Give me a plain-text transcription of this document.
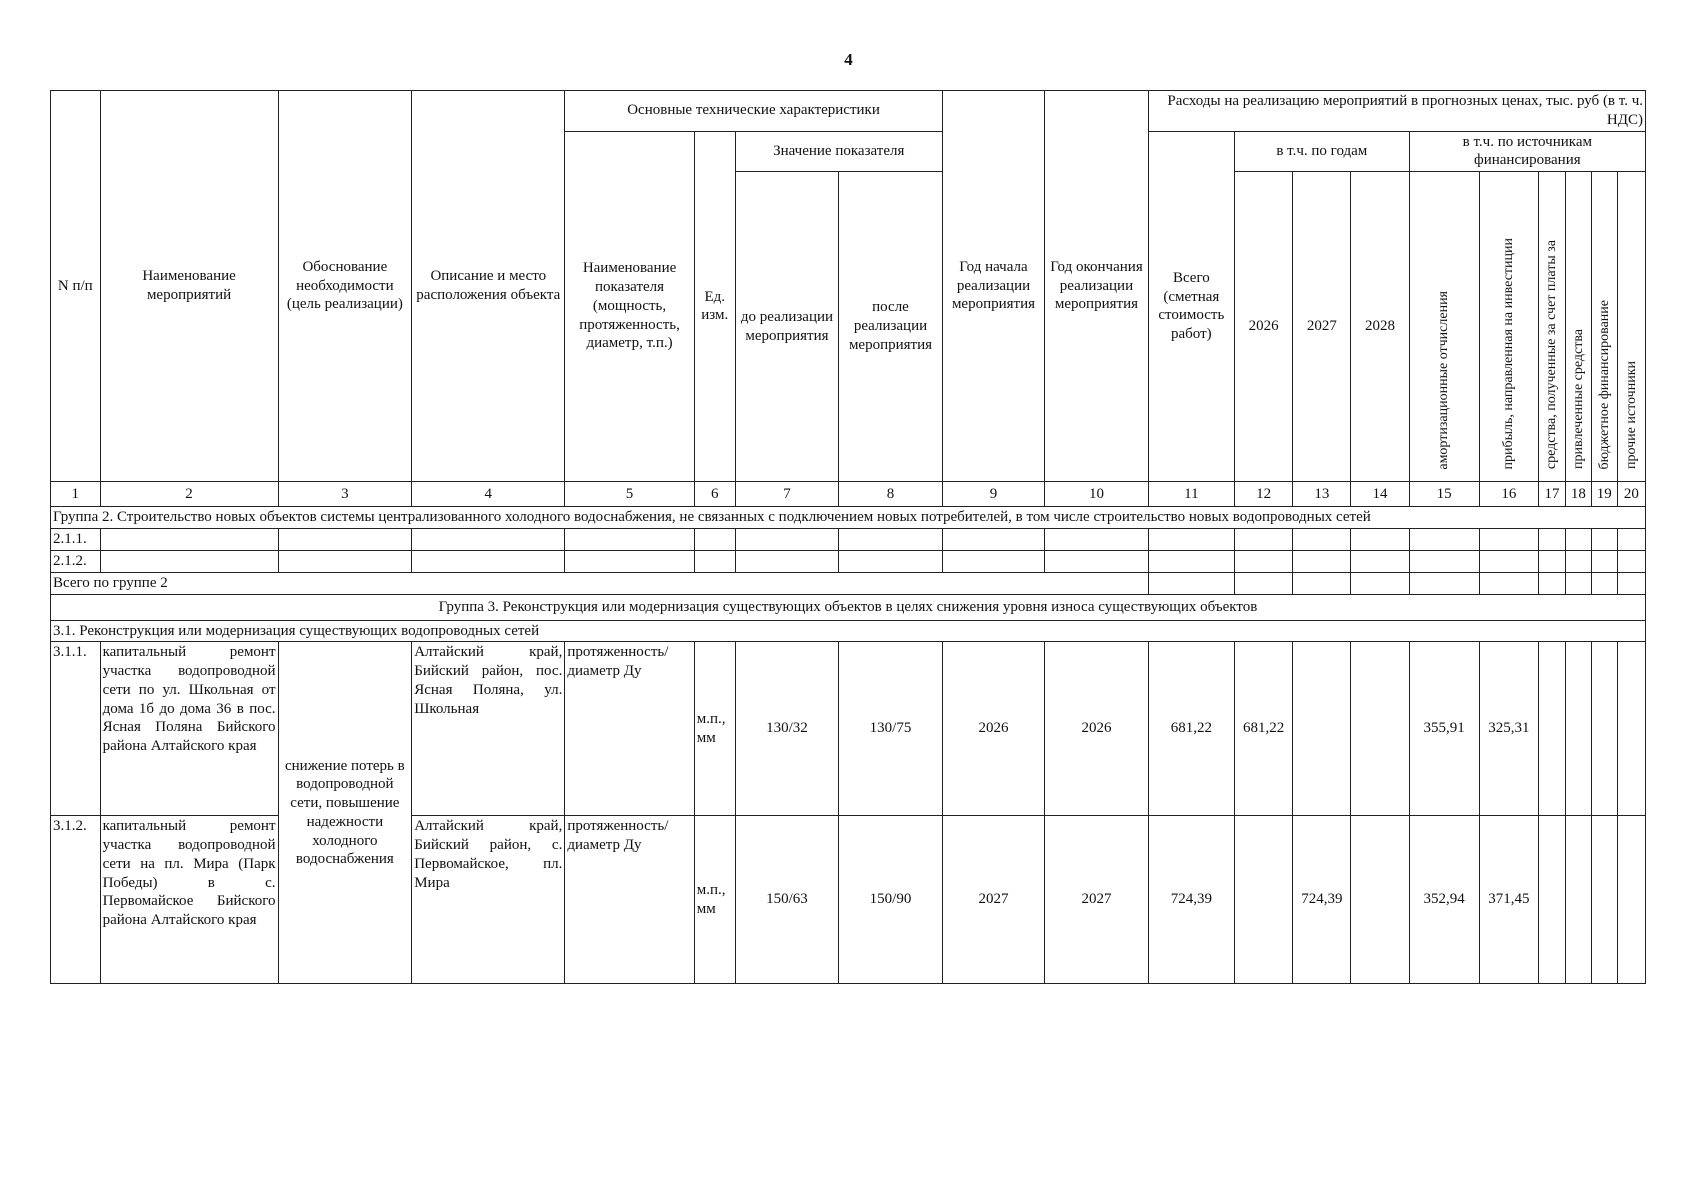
4
N п/п	Наименование мероприятий	Обоснование необходимости (цель реализации)	Описание и место расположения объекта	Основные технические характеристики				Год начала реализации мероприятия	Год окончания реализации мероприятия	Расходы на реализацию мероприятий в прогнозных ценах, тыс. руб (в т. ч. НДС)									
				Наименование показателя (мощность, протяженность, диаметр, т.п.)	Ед. изм.	Значение показателя				Всего (сметная стоимость работ)	в т.ч. по годам			в т.ч. по источникам финансирования					
						до реализации мероприятия	после реализации мероприятия				2026	2027	2028	амортизационные отчисления	прибыль, направленная на инвестиции	средства, полученные за счет платы за	привлеченные средства	бюджетное финансирование	прочие источники

1	2	3	4	5	6	7	8	9	10	11	12	13	14	15	16	17	18	19	20
Группа 2. Строительство новых объектов системы централизованного холодного водоснабжения, не связанных с подключением новых потребителей, в том числе строительство новых водопроводных сетей																			
2.1.1.																			
2.1.2.																			
Всего по группе 2																			
Группа 3. Реконструкция или модернизация существующих объектов в целях снижения уровня износа существующих объектов																			
3.1. Реконструкция или модернизация существующих водопроводных сетей																			
3.1.1.	капитальный ремонт участка водопроводной сети по ул. Школьная от дома 1б до дома 36 в пос. Ясная Поляна Бийского района Алтайского края	снижение потерь в водопроводной сети, повышение надежности холодного водоснабжения	Алтайский край, Бийский район, пос. Ясная Поляна, ул. Школьная	протяженность/ диаметр Ду	м.п., мм	130/32	130/75	2026	2026	681,22	681,22			355,91	325,31				
3.1.2.	капитальный ремонт участка водопроводной сети на пл. Мира (Парк Победы) в с. Первомайское Бийского района Алтайского края		Алтайский край, Бийский район, с. Первомайское, пл. Мира	протяженность/ диаметр Ду	м.п., мм	150/63	150/90	2027	2027	724,39		724,39		352,94	371,45				
